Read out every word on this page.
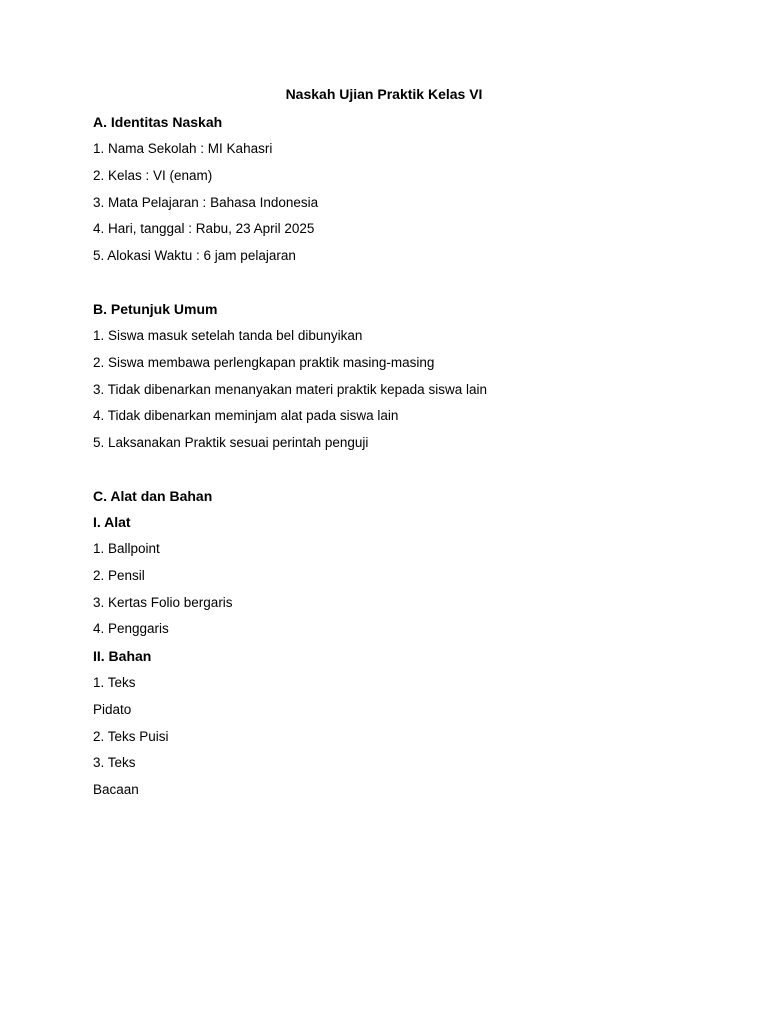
Naskah Ujian Praktik Kelas VI
A. Identitas Naskah
1. Nama Sekolah : MI Kahasri
2. Kelas : VI (enam)
3. Mata Pelajaran : Bahasa Indonesia
4. Hari, tanggal : Rabu, 23 April 2025
5. Alokasi Waktu : 6 jam pelajaran
B. Petunjuk Umum
1. Siswa masuk setelah tanda bel dibunyikan
2. Siswa membawa perlengkapan praktik masing-masing
3. Tidak dibenarkan menanyakan materi praktik kepada siswa lain
4. Tidak dibenarkan meminjam alat pada siswa lain
5. Laksanakan Praktik sesuai perintah penguji
C. Alat dan Bahan
I. Alat
1. Ballpoint
2. Pensil
3. Kertas Folio bergaris
4. Penggaris
II. Bahan
1. Teks
Pidato
2. Teks Puisi
3. Teks
Bacaan
